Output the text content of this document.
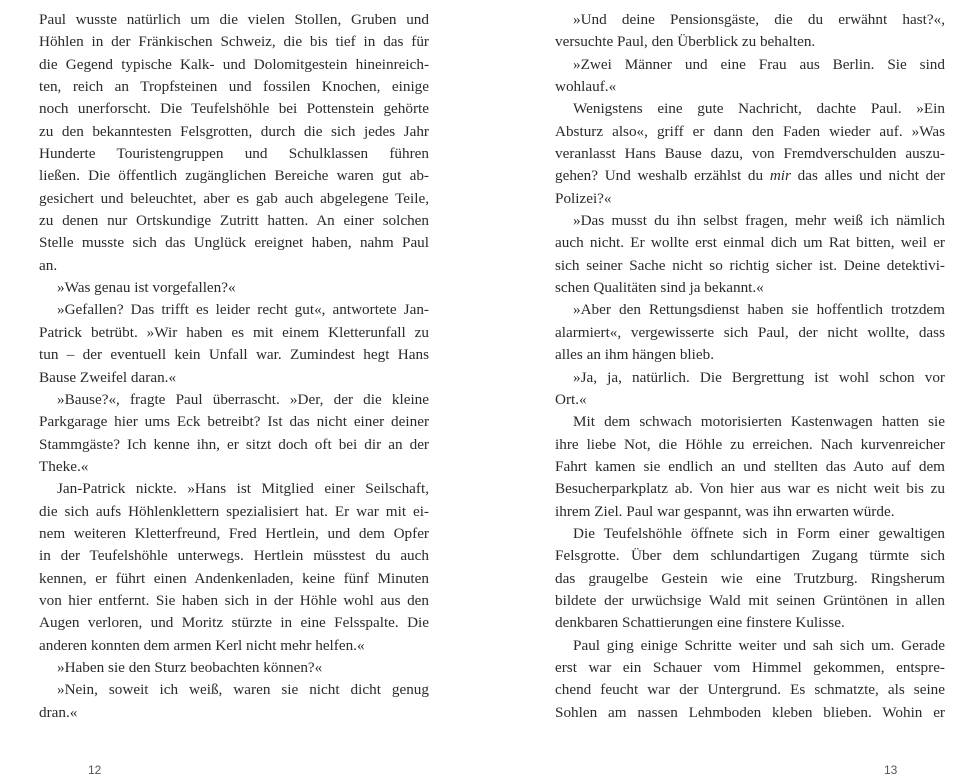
Paul wusste natürlich um die vielen Stollen, Gruben und
Höhlen in der Fränkischen Schweiz, die bis tief in das für
die Gegend typische Kalk- und Dolomitgestein hineinreich-
ten, reich an Tropfsteinen und fossilen Knochen, einige
noch unerforscht. Die Teufelshöhle bei Pottenstein gehörte
zu den bekanntesten Felsgrotten, durch die sich jedes Jahr
Hunderte Touristengruppen und Schulklassen führen
ließen. Die öffentlich zugänglichen Bereiche waren gut ab-
gesichert und beleuchtet, aber es gab auch abgelegene Teile,
zu denen nur Ortskundige Zutritt hatten. An einer solchen
Stelle musste sich das Unglück ereignet haben, nahm Paul
an.
»Was genau ist vorgefallen?«
»Gefallen? Das trifft es leider recht gut«, antwortete Jan-
Patrick betrübt. »Wir haben es mit einem Kletterunfall zu
tun – der eventuell kein Unfall war. Zumindest hegt Hans
Bause Zweifel daran.«
»Bause?«, fragte Paul überrascht. »Der, der die kleine
Parkgarage hier ums Eck betreibt? Ist das nicht einer deiner
Stammgäste? Ich kenne ihn, er sitzt doch oft bei dir an der
Theke.«
Jan-Patrick nickte. »Hans ist Mitglied einer Seilschaft,
die sich aufs Höhlenklettern spezialisiert hat. Er war mit ei-
nem weiteren Kletterfreund, Fred Hertlein, und dem Opfer
in der Teufelshöhle unterwegs. Hertlein müsstest du auch
kennen, er führt einen Andenkenladen, keine fünf Minuten
von hier entfernt. Sie haben sich in der Höhle wohl aus den
Augen verloren, und Moritz stürzte in eine Felsspalte. Die
anderen konnten dem armen Kerl nicht mehr helfen.«
»Haben sie den Sturz beobachten können?«
»Nein, soweit ich weiß, waren sie nicht dicht genug
dran.«
12
»Und deine Pensionsgäste, die du erwähnt hast?«,
versuchte Paul, den Überblick zu behalten.
»Zwei Männer und eine Frau aus Berlin. Sie sind
wohlauf.«
Wenigstens eine gute Nachricht, dachte Paul. »Ein
Absturz also«, griff er dann den Faden wieder auf. »Was
veranlasst Hans Bause dazu, von Fremdverschulden auszu-
gehen? Und weshalb erzählst du mir das alles und nicht der
Polizei?«
»Das musst du ihn selbst fragen, mehr weiß ich nämlich
auch nicht. Er wollte erst einmal dich um Rat bitten, weil er
sich seiner Sache nicht so richtig sicher ist. Deine detektivi-
schen Qualitäten sind ja bekannt.«
»Aber den Rettungsdienst haben sie hoffentlich trotzdem
alarmiert«, vergewisserte sich Paul, der nicht wollte, dass
alles an ihm hängen blieb.
»Ja, ja, natürlich. Die Bergrettung ist wohl schon vor
Ort.«
Mit dem schwach motorisierten Kastenwagen hatten sie
ihre liebe Not, die Höhle zu erreichen. Nach kurvenreicher
Fahrt kamen sie endlich an und stellten das Auto auf dem
Besucherparkplatz ab. Von hier aus war es nicht weit bis zu
ihrem Ziel. Paul war gespannt, was ihn erwarten würde.
Die Teufelshöhle öffnete sich in Form einer gewaltigen
Felsgrotte. Über dem schlundartigen Zugang türmte sich
das graugelbe Gestein wie eine Trutzburg. Ringsherum
bildete der urwüchsige Wald mit seinen Grüntönen in allen
denkbaren Schattierungen eine finstere Kulisse.
Paul ging einige Schritte weiter und sah sich um. Gerade
erst war ein Schauer vom Himmel gekommen, entspre-
chend feucht war der Untergrund. Es schmatzte, als seine
Sohlen am nassen Lehmboden kleben blieben. Wohin er
13
